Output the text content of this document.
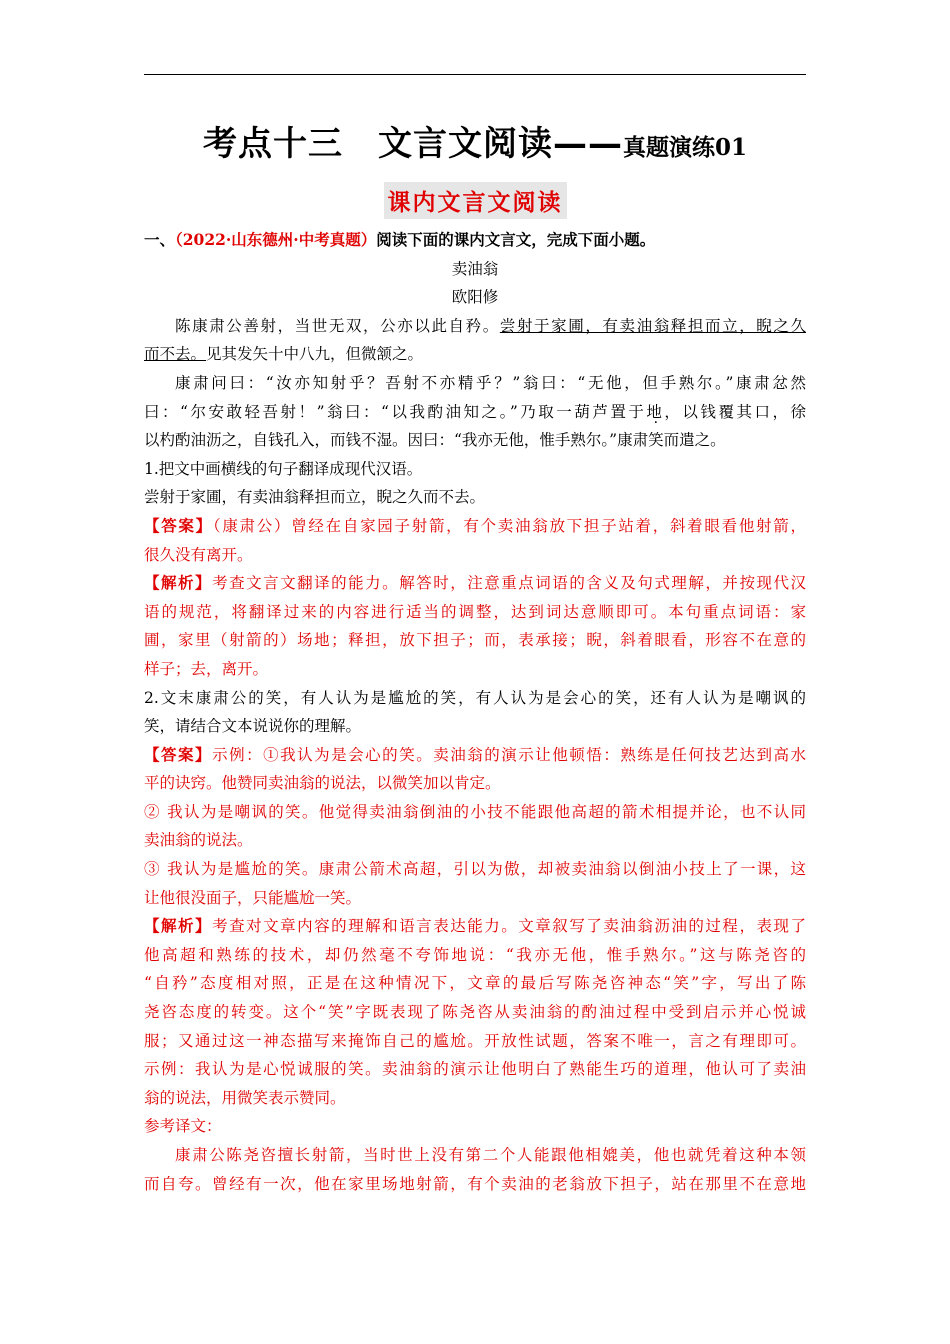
考点十三　文言文阅读——真题演练01
课内文言文阅读
一、（2022·山东德州·中考真题）阅读下面的课内文言文，完成下面小题。
卖油翁
欧阳修
陈康肃公善射，当世无双，公亦以此自矜。尝射于家圃，有卖油翁释担而立，睨之久
而不去。见其发矢十中八九，但微颔之。
康肃问曰：“汝亦知射乎？吾射不亦精乎？”翁曰：“无他，但手熟尔。”康肃忿然
曰：“尔安敢轻吾射！”翁曰：“以我酌油知之。”乃取一葫芦置于地，以钱覆其口，徐
以杓酌油沥之，自钱孔入，而钱不湿。因曰：“我亦无他，惟手熟尔。”康肃笑而遣之。
1.把文中画横线的句子翻译成现代汉语。
尝射于家圃，有卖油翁释担而立，睨之久而不去。
【答案】（康肃公）曾经在自家园子射箭，有个卖油翁放下担子站着，斜着眼看他射箭，
很久没有离开。
【解析】考查文言文翻译的能力。解答时，注意重点词语的含义及句式理解，并按现代汉
语的规范，将翻译过来的内容进行适当的调整，达到词达意顺即可。本句重点词语：家
圃，家里（射箭的）场地；释担，放下担子；而，表承接；睨，斜着眼看，形容不在意的
样子；去，离开。
2.文末康肃公的笑，有人认为是尴尬的笑，有人认为是会心的笑，还有人认为是嘲讽的
笑，请结合文本说说你的理解。
【答案】示例：①我认为是会心的笑。卖油翁的演示让他顿悟：熟练是任何技艺达到高水
平的诀窍。他赞同卖油翁的说法，以微笑加以肯定。
② 我认为是嘲讽的笑。他觉得卖油翁倒油的小技不能跟他高超的箭术相提并论，也不认同
卖油翁的说法。
③ 我认为是尴尬的笑。康肃公箭术高超，引以为傲，却被卖油翁以倒油小技上了一课，这
让他很没面子，只能尴尬一笑。
【解析】考查对文章内容的理解和语言表达能力。文章叙写了卖油翁沥油的过程，表现了
他高超和熟练的技术，却仍然毫不夸饰地说：“我亦无他，惟手熟尔。”这与陈尧咨的
“自矜”态度相对照，正是在这种情况下，文章的最后写陈尧咨神态“笑”字，写出了陈
尧咨态度的转变。这个“笑”字既表现了陈尧咨从卖油翁的酌油过程中受到启示并心悦诚
服；又通过这一神态描写来掩饰自己的尴尬。开放性试题，答案不唯一，言之有理即可。
示例：我认为是心悦诚服的笑。卖油翁的演示让他明白了熟能生巧的道理，他认可了卖油
翁的说法，用微笑表示赞同。
参考译文：
康肃公陈尧咨擅长射箭，当时世上没有第二个人能跟他相媲美，他也就凭着这种本领
而自夸。曾经有一次，他在家里场地射箭，有个卖油的老翁放下担子，站在那里不在意地
